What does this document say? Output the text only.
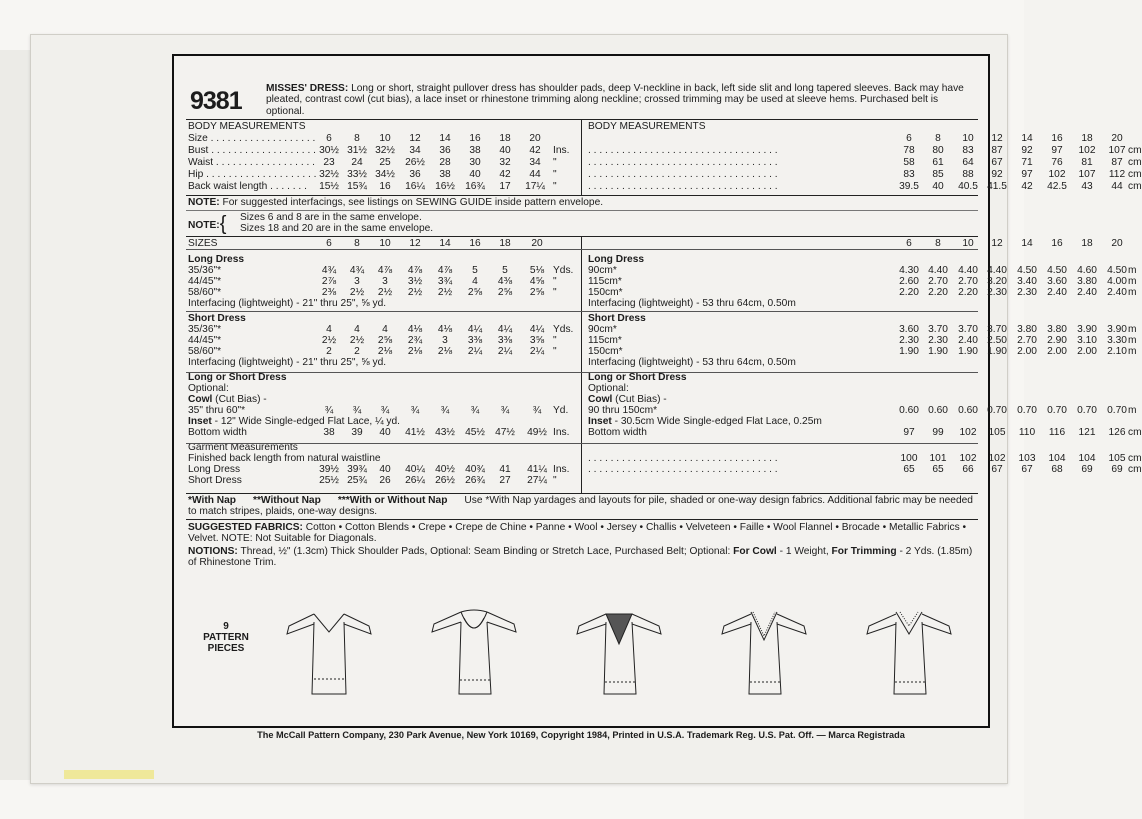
9381 MISSES' DRESS: Long or short, straight pullover dress has shoulder pads, deep V-neckline in back, left side slit and long tapered sleeves. Back may have pleated, contrast cowl (cut bias), a lace inset or rhinestone trimming along neckline; crossed trimming may be used at sleeve hems. Purchased belt is optional.
BODY MEASUREMENTS
Size . . . . . . . . . . . . . . . . . . .	6	8	10	12	14	16	18	20
Bust . . . . . . . . . . . . . . . . . . . 30½ 31½ 32½	34	36	38	40	42	Ins.
Waist . . . . . . . . . . . . . . . . . . 23	24	25	26½	28	30	32	34	"
Hip . . . . . . . . . . . . . . . . . . . . 32½ 33½ 34½	36	38	40	42	44	"
Back waist length . . . . . . .	15½ 15¾	16	16¼ 16½ 16¾	17	17¼ "
BODY MEASUREMENTS
6	8	10	12	14	16	18	20
. . . . . . . . . . . . . . . . . . . . . . . . . . . . . . . . . .	78	80	83	87	92	97	102	107 cm
. . . . . . . . . . . . . . . . . . . . . . . . . . . . . . . . . .	58	61	64	67	71	76	81	87 cm
. . . . . . . . . . . . . . . . . . . . . . . . . . . . . . . . . .	83	85	88	92	97	102	107	112 cm
. . . . . . . . . . . . . . . . . . . . . . . . . . . . . . . . . .	39.5	40	40.5 41.5	42	42.5	43	44 cm
NOTE: For suggested interfacings, see listings on SEWING GUIDE inside pattern envelope.
NOTE:{ Sizes 6 and 8 are in the same envelope.
Sizes 18 and 20 are in the same envelope.
SIZES	6	8	10	12	14	16	18	20
Long Dress
35/36"*	4¾	4¾	4⅞	4⅞	4⅞	5	5	5⅛ Yds.
44/45"*	2⅞	3	3	3½	3¾	4	4⅜	4⅝ "
58/60"*	2⅜	2½	2½	2½	2½	2⅝	2⅝	2⅝ "
Interfacing (lightweight) - 21" thru 25", ⅝ yd.
Short Dress
35/36"*	4	4	4	4⅛	4⅛	4¼	4¼	4¼ Yds.
44/45"*	2½	2½	2⅝	2¾	3	3⅜	3⅜	3⅝ "
58/60"*	2	2	2⅛	2⅛	2⅛	2¼	2¼	2¼ "
Interfacing (lightweight) - 21" thru 25", ⅝ yd.
Long or Short Dress
Optional:
Cowl (Cut Bias) -
35" thru 60"*	¾	¾	¾	¾	¾	¾	¾	¾	Yd.
Inset - 12" Wide Single-edged Flat Lace, ¼ yd.
Bottom width	38	39	40	41½ 43½ 45½ 47½	49½ Ins.
Garment Measurements
Finished back length from natural waistline
Long Dress	39½ 39¾	40	40¼ 40½ 40¾	41	41¼ Ins.
Short Dress	25½ 25¾	26	26¼ 26½ 26¾	27	27¼ "
6	8	10	12	14	16	18	20
Long Dress
90cm*	4.30 4.40 4.40 4.40 4.50 4.50 4.60 4.50 m
115cm*	2.60 2.70 2.70 3.20 3.40 3.60 3.80 4.00 m
150cm*	2.20 2.20 2.20 2.30 2.30 2.40 2.40 2.40 m
Interfacing (lightweight) - 53 thru 64cm, 0.50m
Short Dress
90cm*	3.60 3.70 3.70 3.70 3.80 3.80 3.90 3.90 m
115cm*	2.30 2.30 2.40 2.50 2.70 2.90 3.10 3.30 m
150cm*	1.90 1.90 1.90 1.90 2.00 2.00 2.00 2.10 m
Interfacing (lightweight) - 53 thru 64cm, 0.50m
Long or Short Dress
Optional:
Cowl (Cut Bias) -
90 thru 150cm*	0.60 0.60 0.60 0.70 0.70 0.70 0.70 0.70 m
Inset - 30.5cm Wide Single-edged Flat Lace, 0.25m
Bottom width	97	99	102	105	110	116	121	126 cm
. . . . . . . . . . . . . . . . . . . . . . . . . . . . . . . . . .	100	101	102	102	103	104	104	105 cm
. . . . . . . . . . . . . . . . . . . . . . . . . . . . . . . . . .	65	65	66	67	67	68	69	69 cm
*With Nap **Without Nap ***With or Without Nap Use *With Nap yardages and layouts for pile, shaded or one-way design fabrics. Additional fabric may be needed to match stripes, plaids, one-way designs.
SUGGESTED FABRICS: Cotton • Cotton Blends • Crepe • Crepe de Chine • Panne • Wool • Jersey • Challis • Velveteen • Faille • Wool Flannel • Brocade • Metallic Fabrics • Velvet. NOTE: Not Suitable for Diagonals.
NOTIONS: Thread, ½" (1.3cm) Thick Shoulder Pads, Optional: Seam Binding or Stretch Lace, Purchased Belt; Optional: For Cowl - 1 Weight, For Trimming - 2 Yds. (1.85m) of Rhinestone Trim.
9
PATTERN PIECES
The McCall Pattern Company, 230 Park Avenue, New York 10169, Copyright 1984, Printed in U.S.A. Trademark Reg. U.S. Pat. Off. — Marca Registrada
